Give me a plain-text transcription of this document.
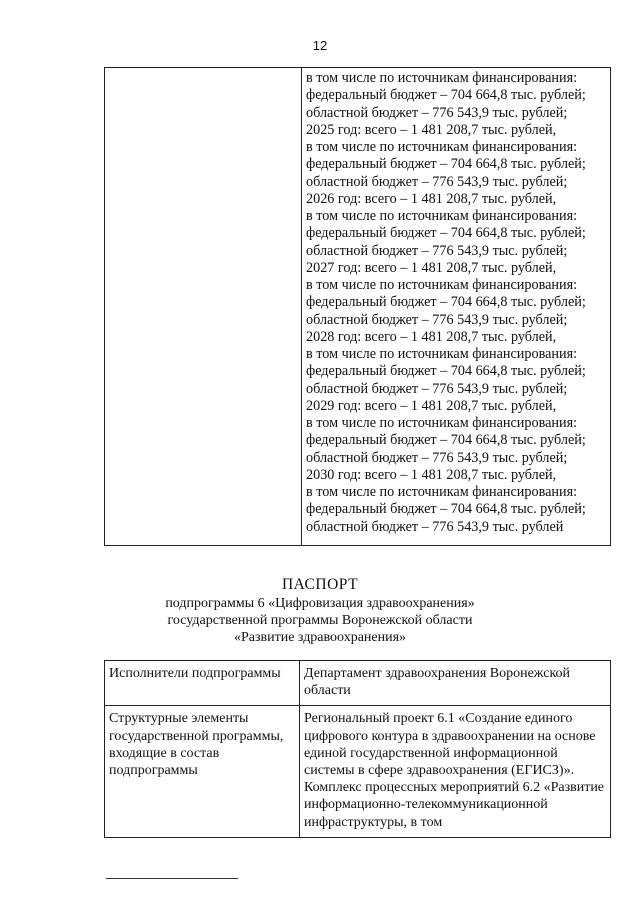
12

в том числе по источникам финансирования:
федеральный бюджет – 704 664,8 тыс. рублей;
областной бюджет – 776 543,9 тыс. рублей;
2025 год: всего – 1 481 208,7 тыс. рублей,
в том числе по источникам финансирования:
федеральный бюджет – 704 664,8 тыс. рублей;
областной бюджет – 776 543,9 тыс. рублей;
2026 год: всего – 1 481 208,7 тыс. рублей,
в том числе по источникам финансирования:
федеральный бюджет – 704 664,8 тыс. рублей;
областной бюджет – 776 543,9 тыс. рублей;
2027 год: всего – 1 481 208,7 тыс. рублей,
в том числе по источникам финансирования:
федеральный бюджет – 704 664,8 тыс. рублей;
областной бюджет – 776 543,9 тыс. рублей;
2028 год: всего – 1 481 208,7 тыс. рублей,
в том числе по источникам финансирования:
федеральный бюджет – 704 664,8 тыс. рублей;
областной бюджет – 776 543,9 тыс. рублей;
2029 год: всего – 1 481 208,7 тыс. рублей,
в том числе по источникам финансирования:
федеральный бюджет – 704 664,8 тыс. рублей;
областной бюджет – 776 543,9 тыс. рублей;
2030 год: всего – 1 481 208,7 тыс. рублей,
в том числе по источникам финансирования:
федеральный бюджет – 704 664,8 тыс. рублей;
областной бюджет – 776 543,9 тыс. рублей
ПАСПОРТ
подпрограммы 6 «Цифровизация здравоохранения»
государственной программы Воронежской области
«Развитие здравоохранения»
Исполнители подпрограммы	Департамент здравоохранения Воронежской области
Структурные элементы государственной программы, входящие в состав подпрограммы	Региональный проект 6.1 «Создание единого цифрового контура в здравоохранении на основе единой государственной информационной системы в сфере здравоохранения (ЕГИСЗ)».
Комплекс процессных мероприятий 6.2 «Развитие информационно-телекоммуникационной инфраструктуры, в том
